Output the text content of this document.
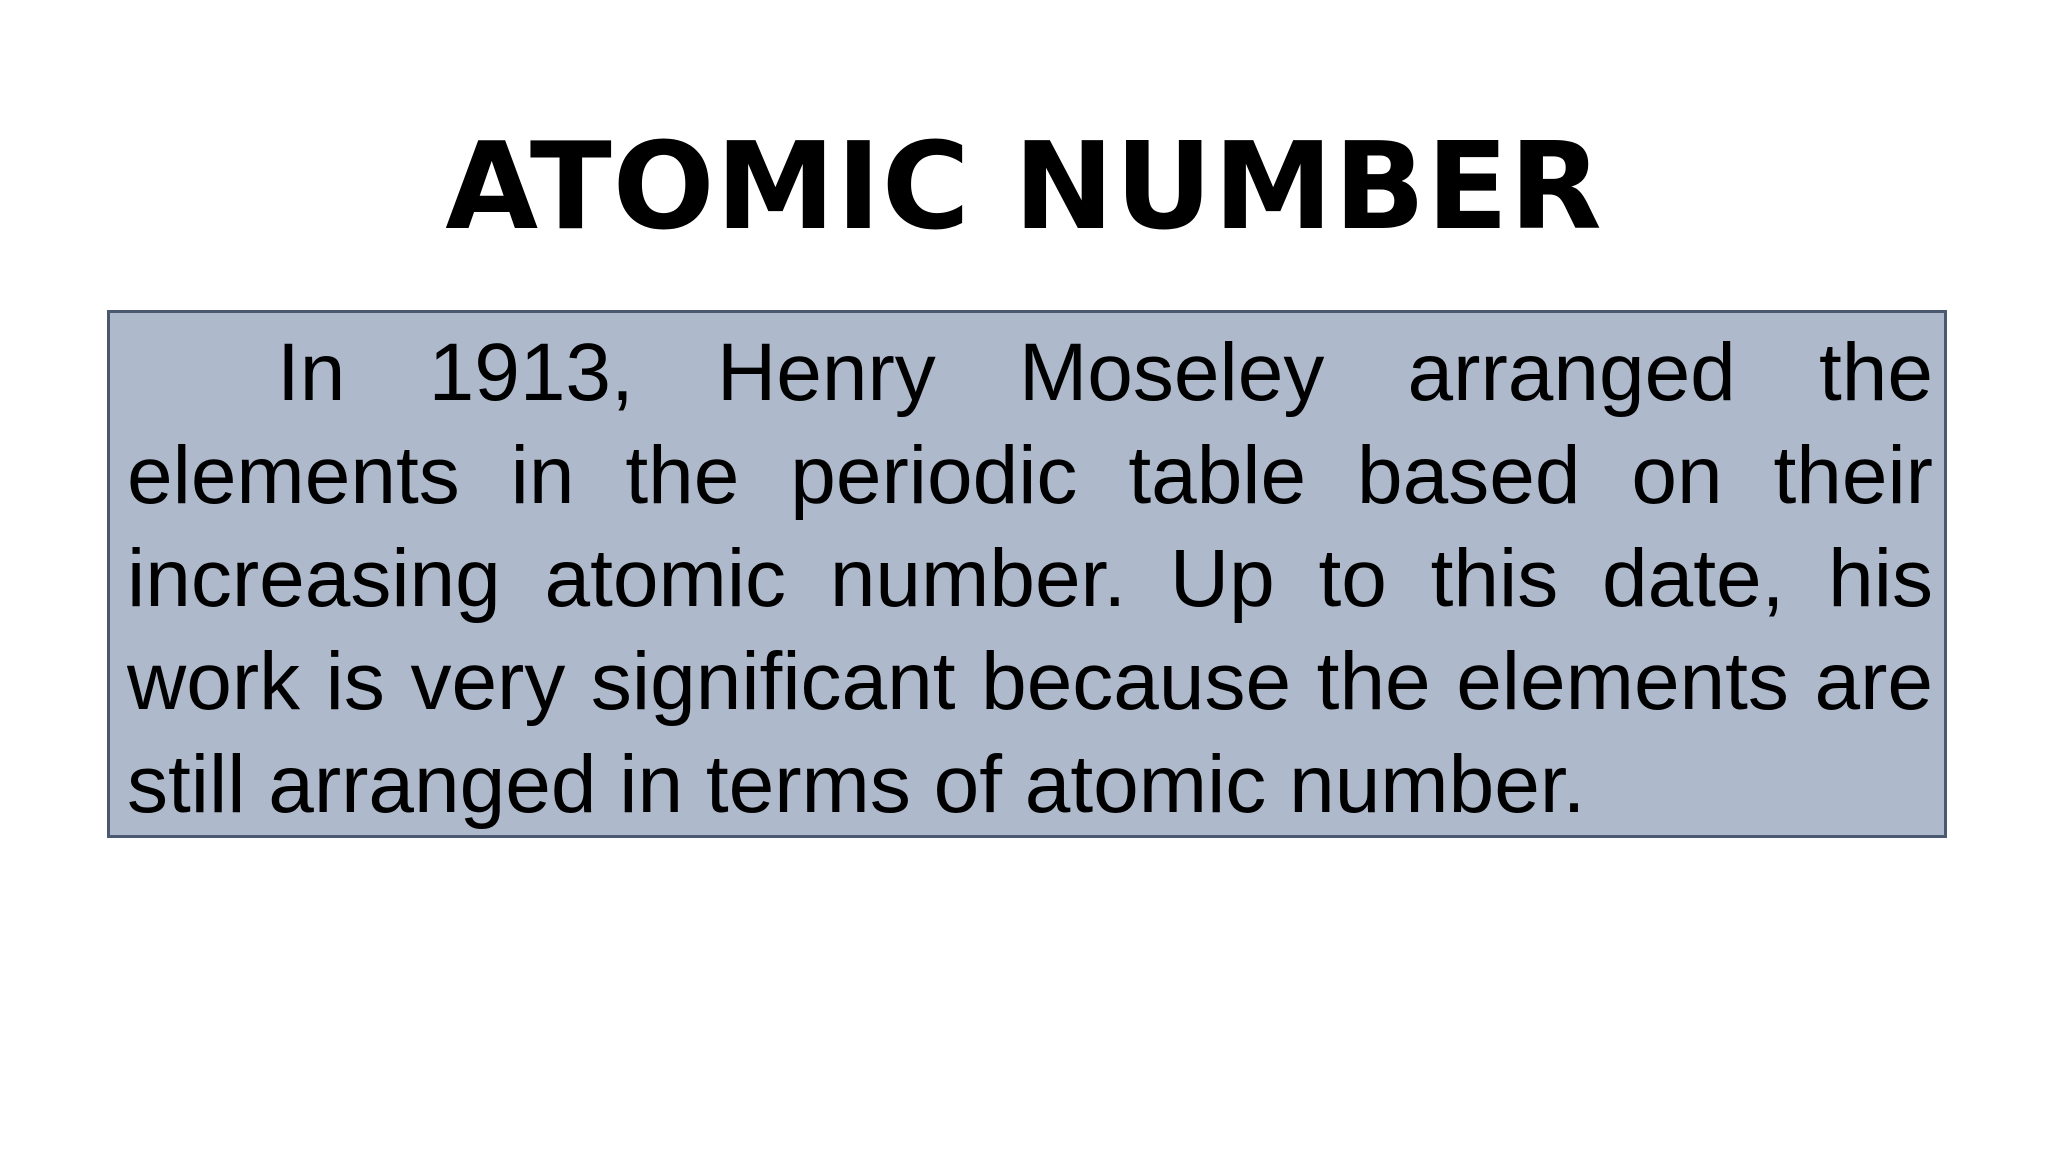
ATOMIC NUMBER

In 1913, Henry Moseley arranged the elements in the periodic table based on their increasing atomic number. Up to this date, his work is very significant because the elements are still arranged in terms of atomic number.
